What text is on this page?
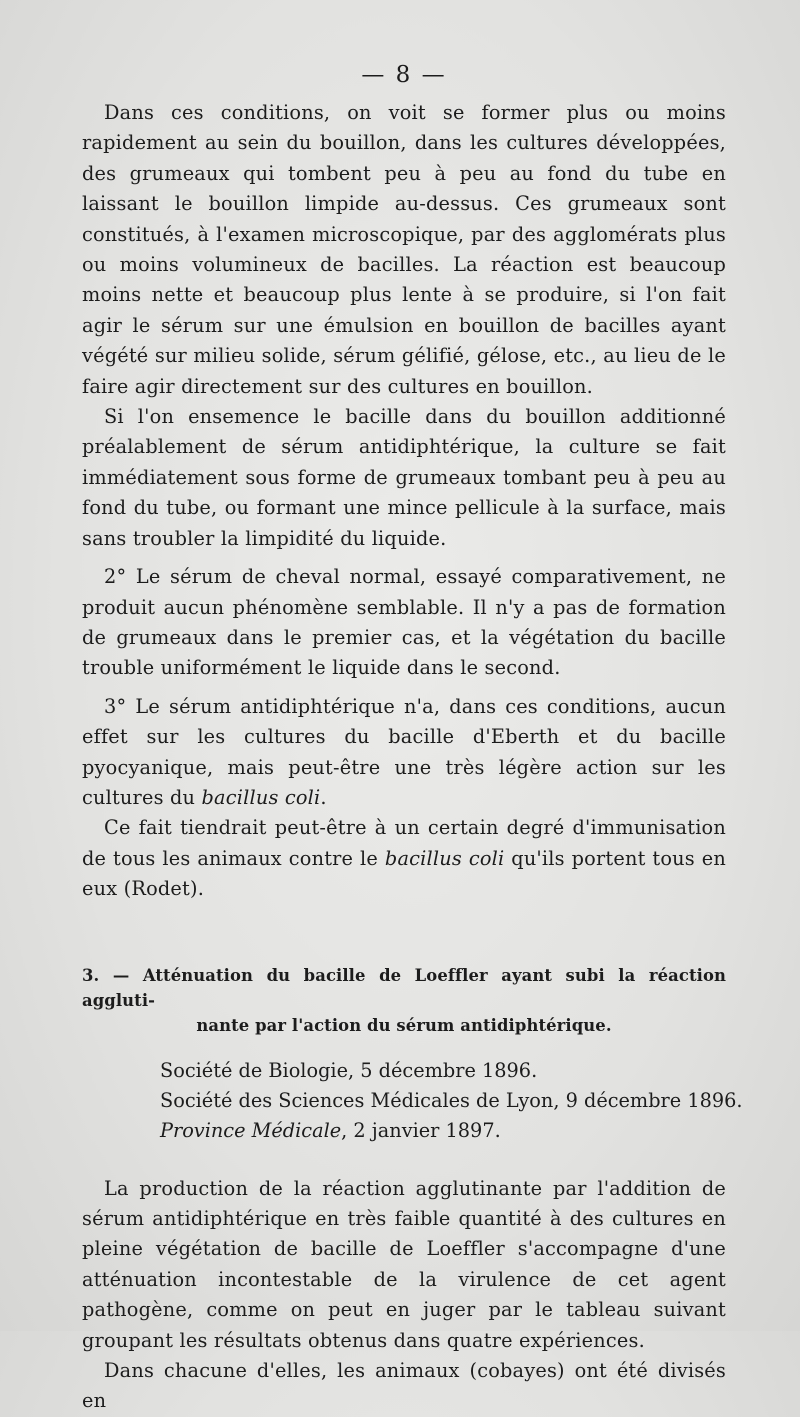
— 8 —

Dans ces conditions, on voit se former plus ou moins rapidement au sein du bouillon, dans les cultures développées, des grumeaux qui tombent peu à peu au fond du tube en laissant le bouillon limpide au-dessus. Ces grumeaux sont constitués, à l'examen microscopique, par des agglomérats plus ou moins volumineux de bacilles. La réaction est beaucoup moins nette et beaucoup plus lente à se produire, si l'on fait agir le sérum sur une émulsion en bouillon de bacilles ayant végété sur milieu solide, sérum gélifié, gélose, etc., au lieu de le faire agir directement sur des cultures en bouillon.

Si l'on ensemence le bacille dans du bouillon additionné préalablement de sérum antidiphtérique, la culture se fait immédiatement sous forme de grumeaux tombant peu à peu au fond du tube, ou formant une mince pellicule à la surface, mais sans troubler la limpidité du liquide.

2° Le sérum de cheval normal, essayé comparativement, ne produit aucun phénomène semblable. Il n'y a pas de formation de grumeaux dans le premier cas, et la végétation du bacille trouble uniformément le liquide dans le second.

3° Le sérum antidiphtérique n'a, dans ces conditions, aucun effet sur les cultures du bacille d'Eberth et du bacille pyocyanique, mais peut-être une très légère action sur les cultures du bacillus coli.

Ce fait tiendrait peut-être à un certain degré d'immunisation de tous les animaux contre le bacillus coli qu'ils portent tous en eux (Rodet).

3. — Atténuation du bacille de Loeffler ayant subi la réaction aggluti-
nante par l'action du sérum antidiphtérique.
Société de Biologie, 5 décembre 1896.
Société des Sciences Médicales de Lyon, 9 décembre 1896.
Province Médicale, 2 janvier 1897.

La production de la réaction agglutinante par l'addition de sérum antidiphtérique en très faible quantité à des cultures en pleine végétation de bacille de Loeffler s'accompagne d'une atténuation incontestable de la virulence de cet agent pathogène, comme on peut en juger par le tableau suivant groupant les résultats obtenus dans quatre expériences.

Dans chacune d'elles, les animaux (cobayes) ont été divisés en
